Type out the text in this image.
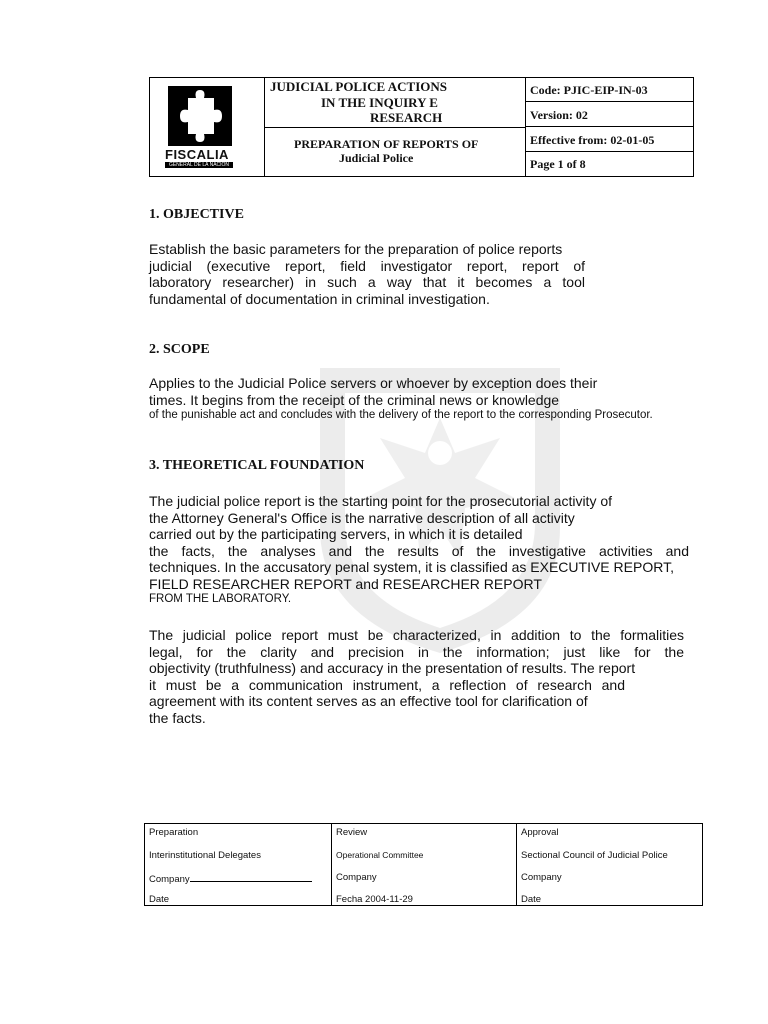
FISCALIA
GENERAL DE LA NACION
JUDICIAL POLICE ACTIONS
IN THE INQUIRY E
RESEARCH
PREPARATION OF REPORTS OF
Judicial Police
Code: PJIC-EIP-IN-03
Version: 02
Effective from: 02-01-05
Page 1 of 8
1. OBJECTIVE
Establish the basic parameters for the preparation of police reports
judicial (executive report, field investigator report, report of
laboratory researcher) in such a way that it becomes a tool
fundamental of documentation in criminal investigation.
2. SCOPE
Applies to the Judicial Police servers or whoever by exception does their
times. It begins from the receipt of the criminal news or knowledge
of the punishable act and concludes with the delivery of the report to the corresponding Prosecutor.
3. THEORETICAL FOUNDATION
The judicial police report is the starting point for the prosecutorial activity of
the Attorney General's Office is the narrative description of all activity
carried out by the participating servers, in which it is detailed
the facts, the analyses and the results of the investigative activities and
techniques. In the accusatory penal system, it is classified as EXECUTIVE REPORT,
FIELD RESEARCHER REPORT and RESEARCHER REPORT
FROM THE LABORATORY.
The judicial police report must be characterized, in addition to the formalities
legal, for the clarity and precision in the information; just like for the
objectivity (truthfulness) and accuracy in the presentation of results. The report
it must be a communication instrument, a reflection of research and
agreement with its content serves as an effective tool for clarification of
the facts.
Preparation
Interinstitutional Delegates
Company
Date
Review
Operational Committee
Company
Fecha 2004-11-29
Approval
Sectional Council of Judicial Police
Company
Date
